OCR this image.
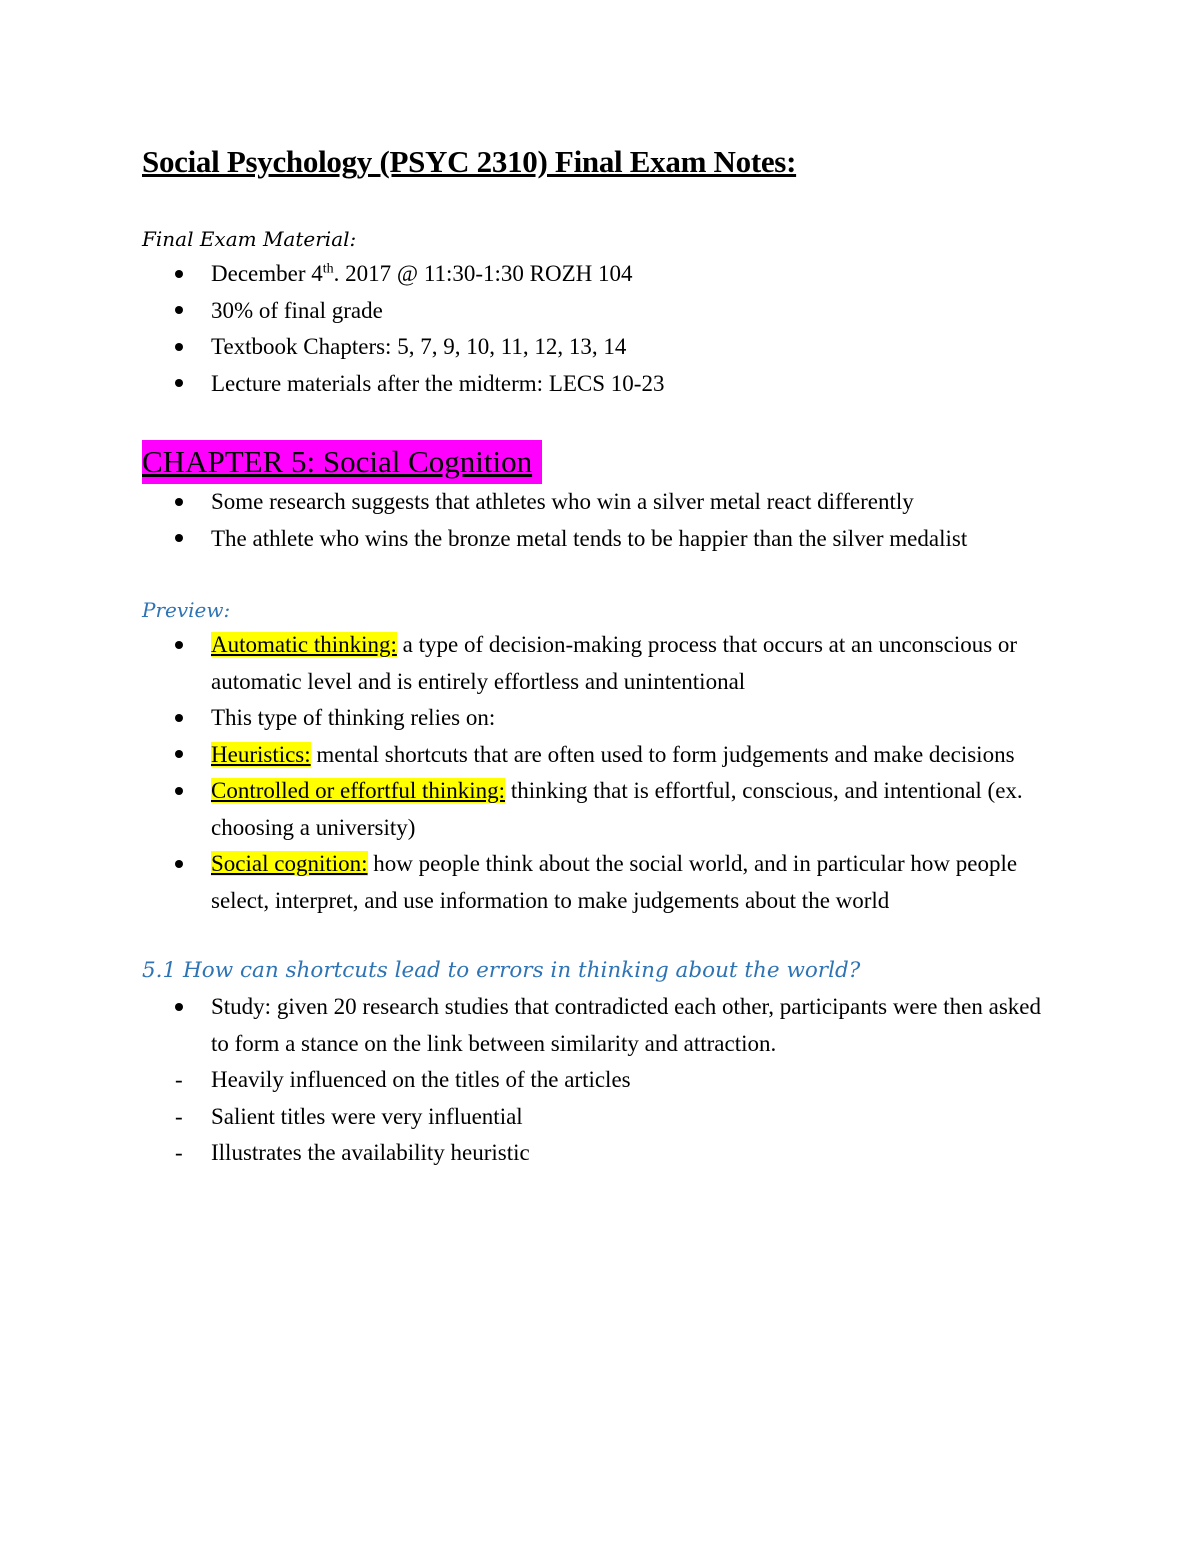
Social Psychology (PSYC 2310) Final Exam Notes:
Final Exam Material:
December 4th. 2017 @ 11:30-1:30 ROZH 104
30% of final grade
Textbook Chapters: 5, 7, 9, 10, 11, 12, 13, 14
Lecture materials after the midterm: LECS 10-23
CHAPTER 5: Social Cognition
Some research suggests that athletes who win a silver metal react differently
The athlete who wins the bronze metal tends to be happier than the silver medalist
Preview:
Automatic thinking: a type of decision-making process that occurs at an unconscious or automatic level and is entirely effortless and unintentional
This type of thinking relies on:
Heuristics: mental shortcuts that are often used to form judgements and make decisions
Controlled or effortful thinking: thinking that is effortful, conscious, and intentional (ex. choosing a university)
Social cognition: how people think about the social world, and in particular how people select, interpret, and use information to make judgements about the world
5.1 How can shortcuts lead to errors in thinking about the world?
Study: given 20 research studies that contradicted each other, participants were then asked to form a stance on the link between similarity and attraction.
-	Heavily influenced on the titles of the articles
-	Salient titles were very influential
-	Illustrates the availability heuristic
